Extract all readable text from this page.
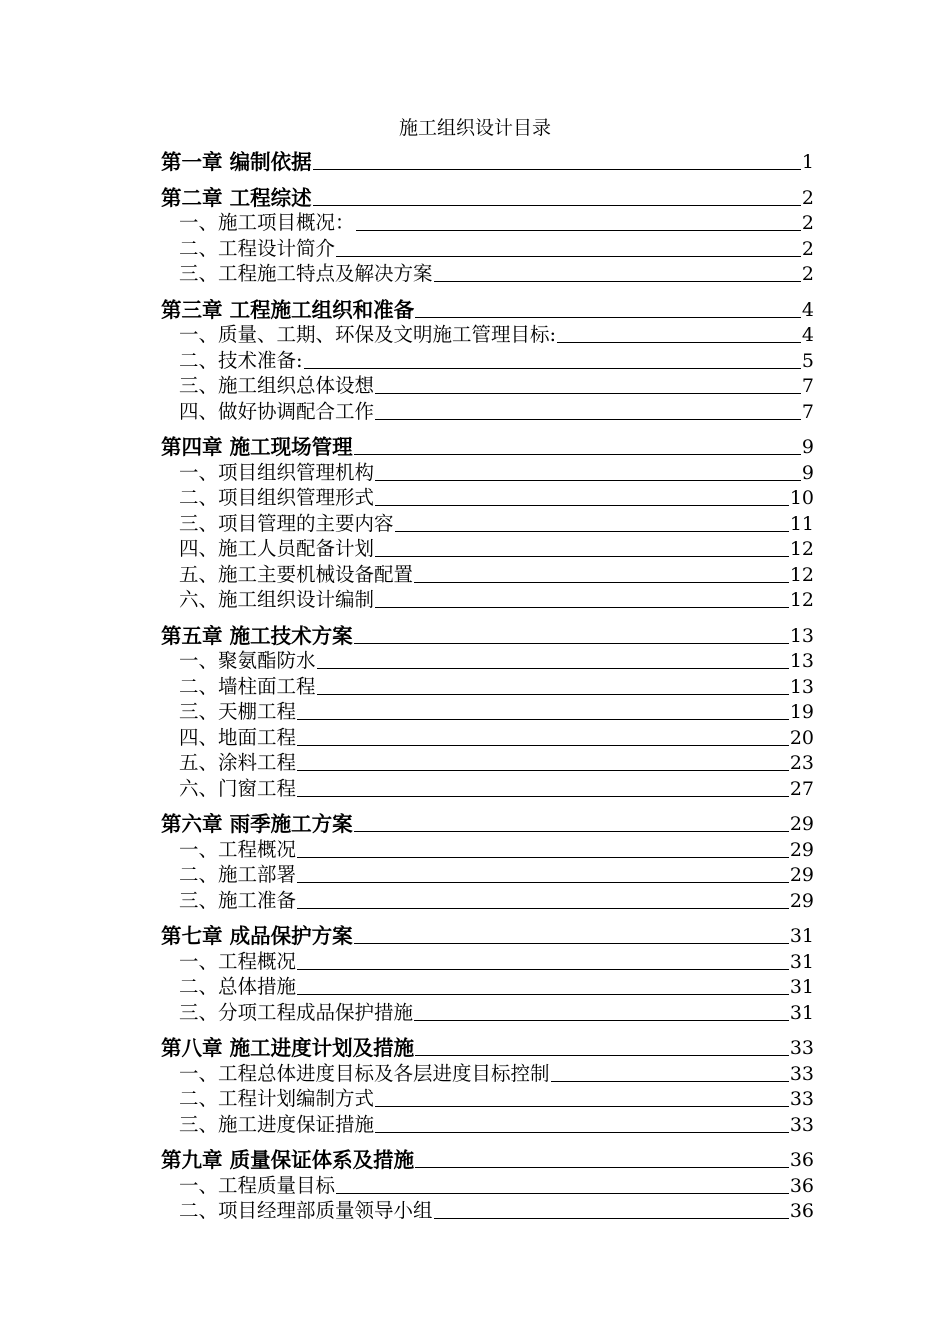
施工组织设计目录
第一章 编制依据	1
第二章 工程综述	2
一、施工项目概况：	2
二、工程设计简介	2
三、工程施工特点及解决方案	2
第三章 工程施工组织和准备	4
一、质量、工期、环保及文明施工管理目标:	4
二、技术准备:	5
三、施工组织总体设想	7
四、做好协调配合工作	7
第四章 施工现场管理	9
一、项目组织管理机构	9
二、项目组织管理形式	10
三、项目管理的主要内容	11
四、施工人员配备计划	12
五、施工主要机械设备配置	12
六、施工组织设计编制	12
第五章 施工技术方案	13
一、聚氨酯防水	13
二、墙柱面工程	13
三、天棚工程	19
四、地面工程	20
五、涂料工程	23
六、门窗工程	27
第六章 雨季施工方案	29
一、工程概况	29
二、施工部署	29
三、施工准备	29
第七章 成品保护方案	31
一、工程概况	31
二、总体措施	31
三、分项工程成品保护措施	31
第八章 施工进度计划及措施	33
一、工程总体进度目标及各层进度目标控制	33
二、工程计划编制方式	33
三、施工进度保证措施	33
第九章 质量保证体系及措施	36
一、工程质量目标	36
二、项目经理部质量领导小组	36
